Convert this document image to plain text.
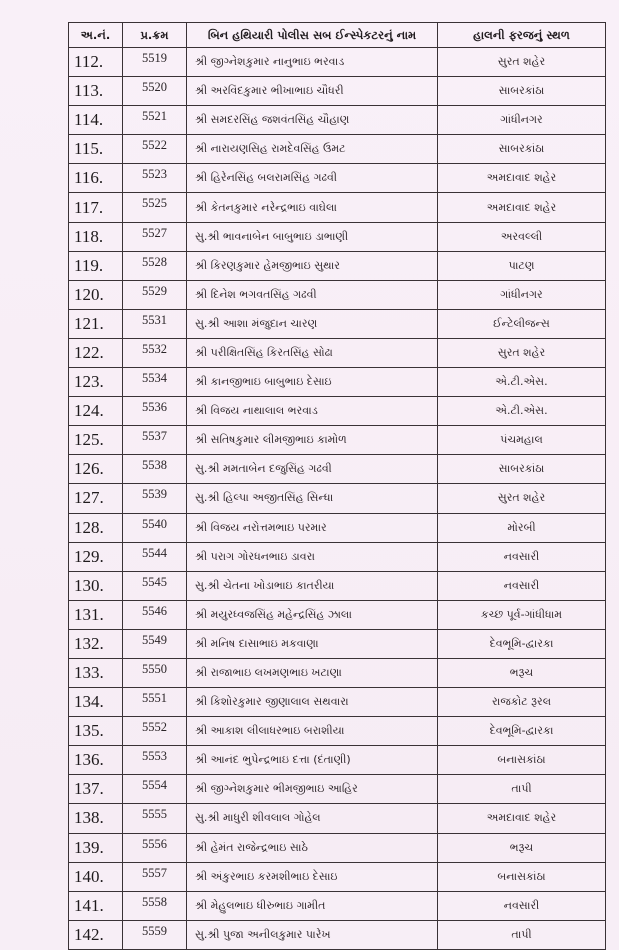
અ.નં.	પ્ર.ક્રમ	બિન હથિયારી પોલીસ સબ ઈન્સ્પેકટરનું નામ	હાલની ફરજનું સ્થળ
112.	5519	શ્રી જીગ્નેશકુમાર નાનુભાઇ ભરવાડ	સુરત શહેર
113.	5520	શ્રી અરવિંદકુમાર ભીખાભાઇ ચૌધરી	સાબરકાંઠા
114.	5521	શ્રી સમદરસિંહ જશવંતસિંહ ચૌહાણ	ગાંધીનગર
115.	5522	શ્રી નારાયણસિહ રામદેવસિંહ ઉમટ	સાબરકાંઠા
116.	5523	શ્રી હિરેનસિંહ બલરામસિંહ ગઢવી	અમદાવાદ શહેર
117.	5525	શ્રી કેતનકુમાર નરેન્દ્રભાઇ વાઘેલા	અમદાવાદ શહેર
118.	5527	સુ.શ્રી ભાવનાબેન બાબુભાઇ ડાભાણી	અરવલ્લી
119.	5528	શ્રી કિરણકુમાર હેમજીભાઇ સુથાર	પાટણ
120.	5529	શ્રી દિનેશ ભગવતસિંહ ગઢવી	ગાંધીનગર
121.	5531	સુ.શ્રી આશા મંજુદાન ચારણ	ઈન્ટેલીજન્સ
122.	5532	શ્રી પરીક્ષિતસિંહ કિરતસિંહ સોઢા	સુરત શહેર
123.	5534	શ્રી કાનજીભાઇ બાબુભાઇ દેસાઇ	એ.ટી.એસ.
124.	5536	શ્રી વિજય નાથાલાલ ભરવાડ	એ.ટી.એસ.
125.	5537	શ્રી સતિષકુમાર લીમજીભાઇ કામોળ	પંચમહાલ
126.	5538	સુ.શ્રી મમતાબેન દજુસિંહ ગઢવી	સાબરકાંઠા
127.	5539	સુ.શ્રી હિલ્પા અજીતસિંહ સિન્ધા	સુરત શહેર
128.	5540	શ્રી વિજય નરોત્તમભાઇ પરમાર	મોરબી
129.	5544	શ્રી પરાગ ગોરધનભાઇ ડાવરા	નવસારી
130.	5545	સુ.શ્રી ચેતના ખોડાભાઇ કાતરીયા	નવસારી
131.	5546	શ્રી મયુરધ્વજસિંહ મહેન્દ્રસિંહ ઝાલા	કચ્છ પૂર્વ-ગાંધીધામ
132.	5549	શ્રી મનિષ દાસાભાઇ મકવાણા	દેવભૂમિ-દ્વારકા
133.	5550	શ્રી રાજાભાઇ લખમણભાઇ ખટાણા	ભરૂચ
134.	5551	શ્રી કિશોરકુમાર જીણાલાલ સથવારા	રાજકોટ રૂરલ
135.	5552	શ્રી આકાશ લીલાધરભાઇ બરાશીયા	દેવભૂમિ-દ્વારકા
136.	5553	શ્રી આનંદ ભુપેન્દ્રભાઇ દત્તા (દંતાણી)	બનાસકાંઠા
137.	5554	શ્રી જીગ્નેશકુમાર ભીમજીભાઇ આહિર	તાપી
138.	5555	સુ.શ્રી માધુરી શીવલાલ ગોહેલ	અમદાવાદ શહેર
139.	5556	શ્રી હેમંત રાજેન્દ્રભાઇ સાઠે	ભરૂચ
140.	5557	શ્રી અંકુરભાઇ કરમશીભાઇ દેસાઇ	બનાસકાંઠા
141.	5558	શ્રી મેહુલભાઇ ધીરુભાઇ ગામીત	નવસારી
142.	5559	સુ.શ્રી પુજા અનીલકુમાર પારેખ	તાપી
